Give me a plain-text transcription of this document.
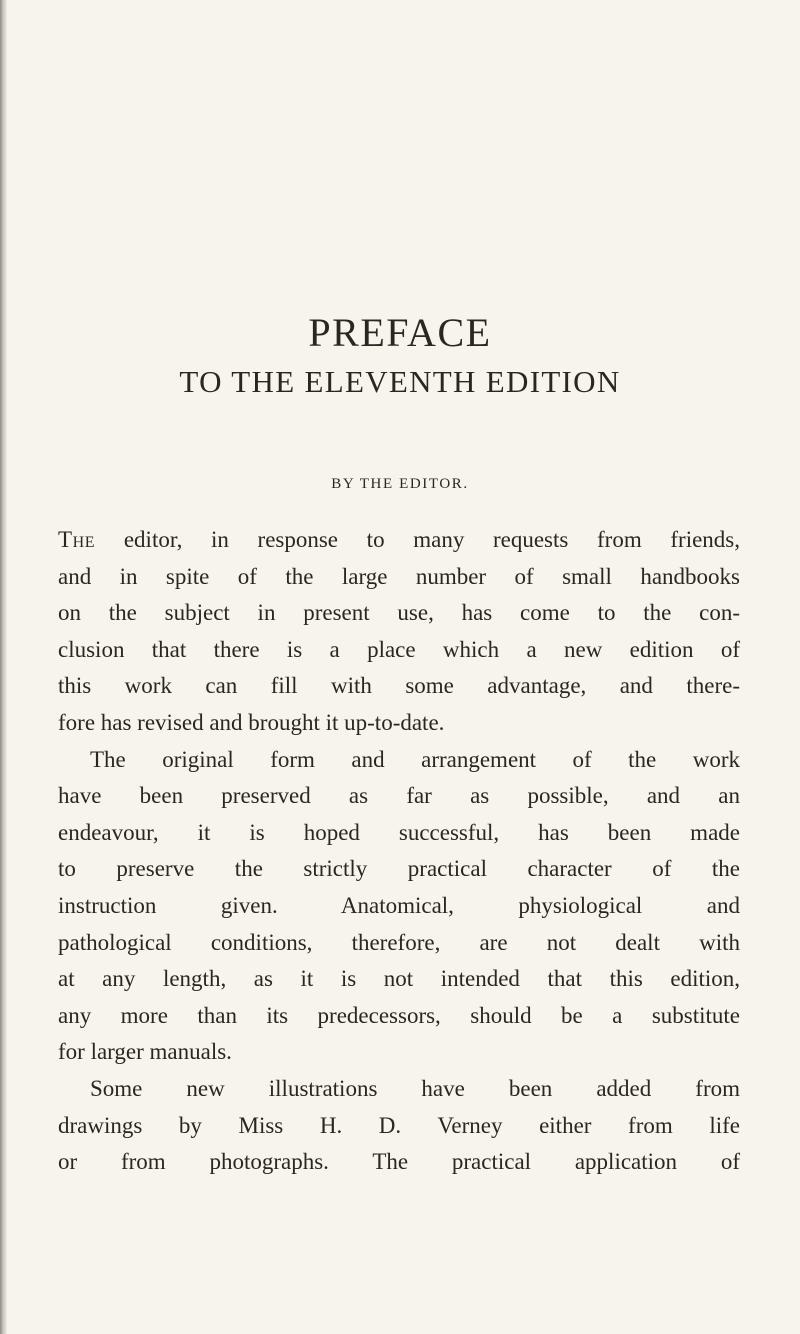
PREFACE
TO THE ELEVENTH EDITION
BY THE EDITOR.
The editor, in response to many requests from friends,
and in spite of the large number of small handbooks
on the subject in present use, has come to the con-
clusion that there is a place which a new edition of
this work can fill with some advantage, and there-
fore has revised and brought it up-to-date.
The original form and arrangement of the work
have been preserved as far as possible, and an
endeavour, it is hoped successful, has been made
to preserve the strictly practical character of the
instruction given. Anatomical, physiological and
pathological conditions, therefore, are not dealt with
at any length, as it is not intended that this edition,
any more than its predecessors, should be a substitute
for larger manuals.
Some new illustrations have been added from
drawings by Miss H. D. Verney either from life
or from photographs. The practical application of
